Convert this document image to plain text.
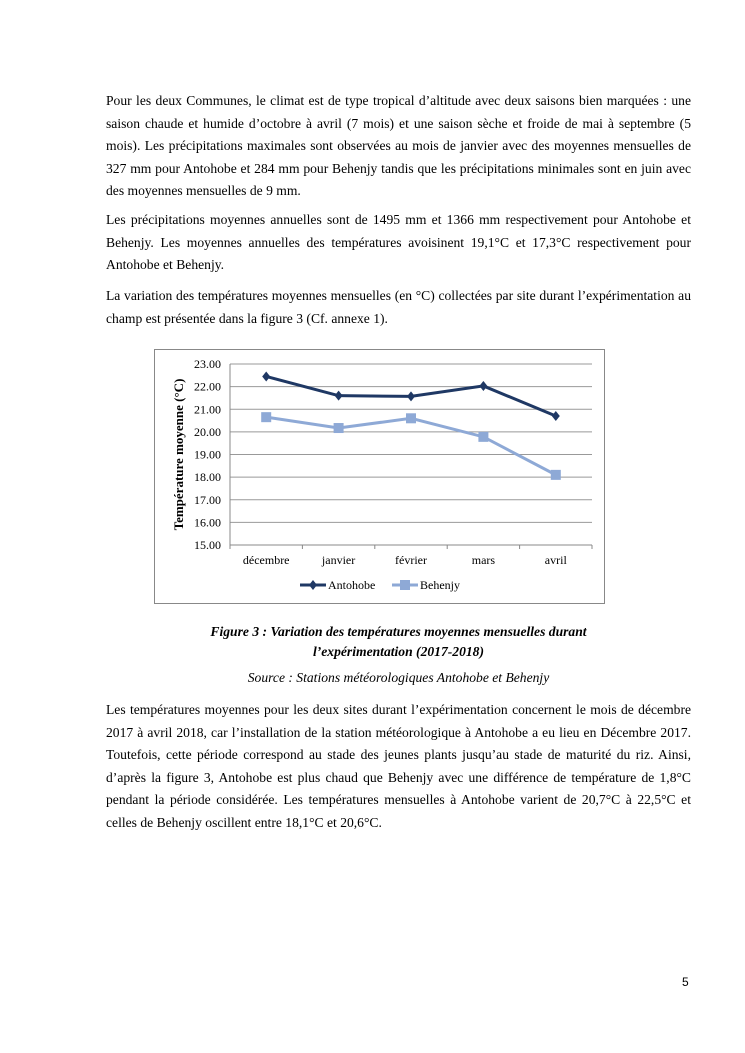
Pour les deux Communes, le climat est de type tropical d’altitude avec deux saisons bien marquées : une saison chaude et humide d’octobre à avril (7 mois) et une saison sèche et froide de mai à septembre (5 mois). Les précipitations maximales sont observées au mois de janvier avec des moyennes mensuelles de 327 mm pour Antohobe et 284 mm pour Behenjy tandis que les précipitations minimales sont en juin avec des moyennes mensuelles de 9 mm.

Les précipitations moyennes annuelles sont de 1495 mm et 1366 mm respectivement pour Antohobe et Behenjy. Les moyennes annuelles des températures avoisinent 19,1°C et 17,3°C respectivement pour Antohobe et Behenjy.

La variation des températures moyennes mensuelles (en °C) collectées par site durant l’expérimentation au champ est présentée dans la figure 3 (Cf. annexe 1).

15.00
16.00
17.00
18.00
19.00
20.00
21.00
22.00
23.00
décembre	janvier	février	mars	avril
Température moyenne (°C)
Antohobe	Behenjy
Figure 3 : Variation des températures moyennes mensuelles durant
l’expérimentation (2017-2018)
Source : Stations météorologiques Antohobe et Behenjy

Les températures moyennes pour les deux sites durant l’expérimentation concernent le mois de décembre 2017 à avril 2018, car l’installation de la station météorologique à Antohobe a eu lieu en Décembre 2017. Toutefois, cette période correspond au stade des jeunes plants jusqu’au stade de maturité du riz. Ainsi, d’après la figure 3, Antohobe est plus chaud que Behenjy avec une différence de température de 1,8°C pendant la période considérée. Les températures mensuelles à Antohobe varient de 20,7°C à 22,5°C et celles de Behenjy oscillent entre 18,1°C et 20,6°C.

5
